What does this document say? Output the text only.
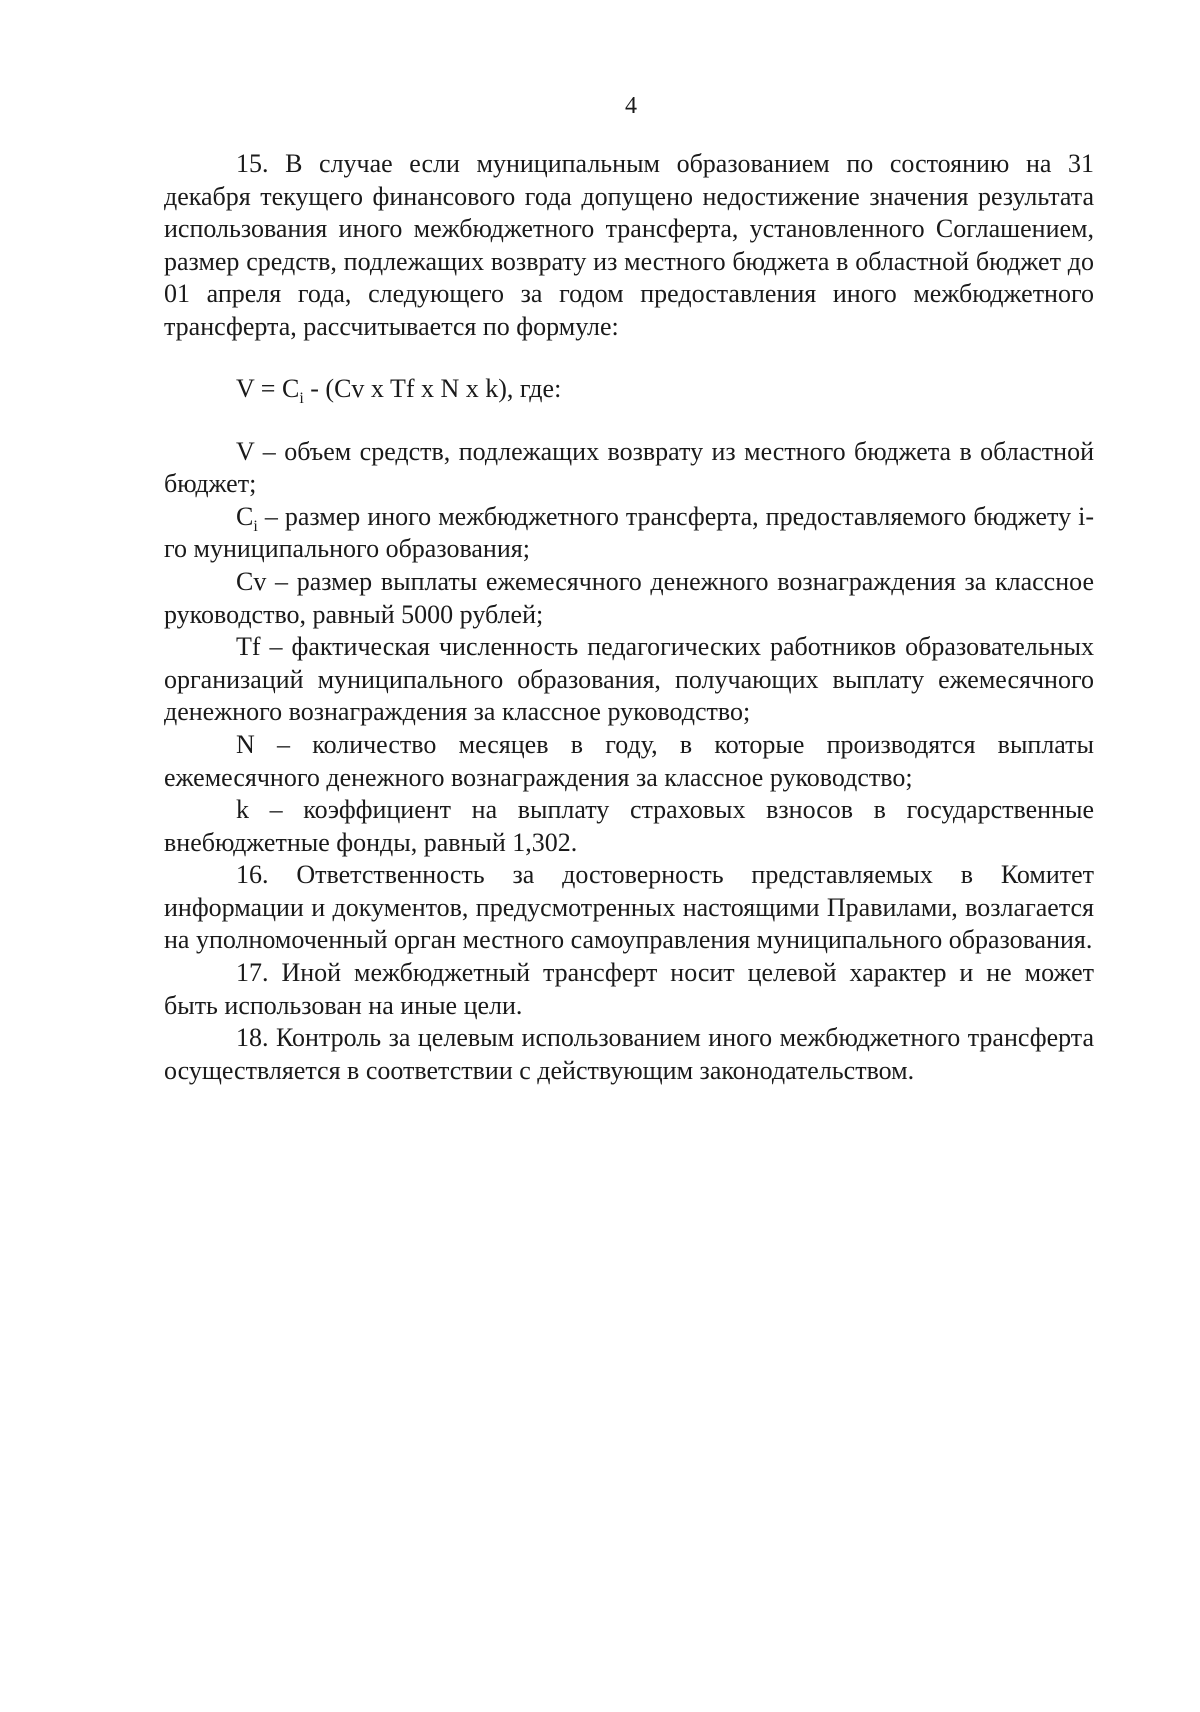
4

15. В случае если муниципальным образованием по состоянию на 31 декабря текущего финансового года допущено недостижение значения результата использования иного межбюджетного трансферта, установленного Соглашением, размер средств, подлежащих возврату из местного бюджета в областной бюджет до 01 апреля года, следующего за годом предоставления иного межбюджетного трансферта, рассчитывается по формуле:

$V = C_i - (Cv$ x Tf x N x k), где:

V – объем средств, подлежащих возврату из местного бюджета в областной бюджет;

$C_i$ – размер иного межбюджетного трансферта, предоставляемого бюджету i-го муниципального образования;

Cv – размер выплаты ежемесячного денежного вознаграждения за классное руководство, равный 5000 рублей;

Tf – фактическая численность педагогических работников образовательных организаций муниципального образования, получающих выплату ежемесячного денежного вознаграждения за классное руководство;

N – количество месяцев в году, в которые производятся выплаты ежемесячного денежного вознаграждения за классное руководство;

k – коэффициент на выплату страховых взносов в государственные внебюджетные фонды, равный 1,302.

16. Ответственность за достоверность представляемых в Комитет информации и документов, предусмотренных настоящими Правилами, возлагается на уполномоченный орган местного самоуправления муниципального образования.

17. Иной межбюджетный трансферт носит целевой характер и не может быть использован на иные цели.

18. Контроль за целевым использованием иного межбюджетного трансферта осуществляется в соответствии с действующим законодательством.
